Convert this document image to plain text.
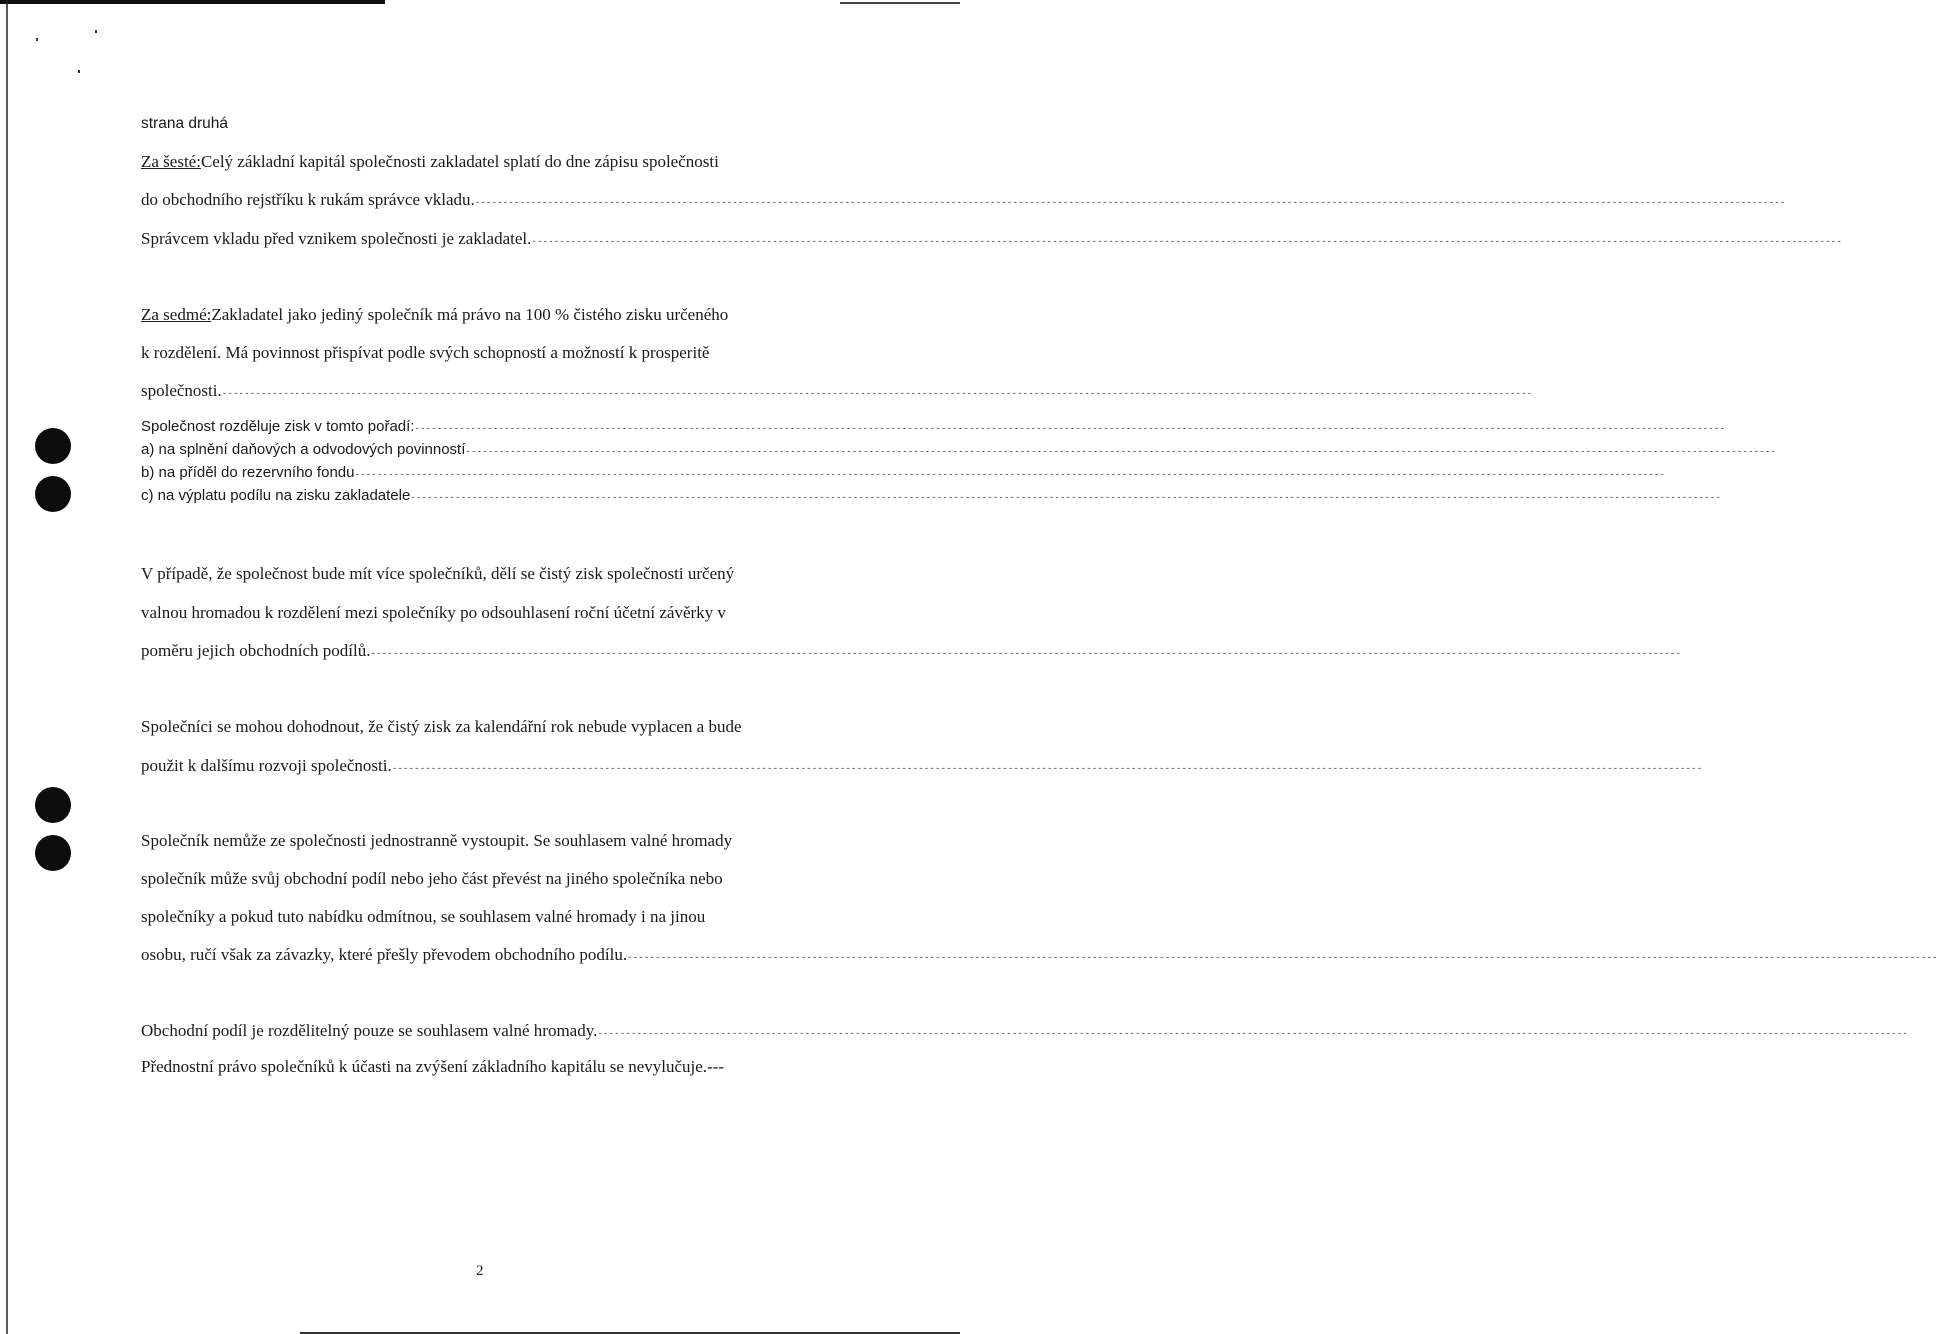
strana druhá
Za šesté: Celý základní kapitál společnosti zakladatel splatí do dne zápisu společnosti
do obchodního rejstříku k rukám správce vkladu. ------------------------------------------------------------------------------------------------------------------------------------------------------------------------------------------------------------------------------------------
Správcem vkladu před vznikem společnosti je zakladatel. ------------------------------------------------------------------------------------------------------------------------------------------------------------------------------------------------------------------------------------------
Za sedmé: Zakladatel jako jediný společník má právo na 100 % čistého zisku určeného
k rozdělení. Má povinnost přispívat podle svých schopností a možností k prosperitě
společnosti. ------------------------------------------------------------------------------------------------------------------------------------------------------------------------------------------------------------------------------------------
Společnost rozděluje zisk v tomto pořadí: ------------------------------------------------------------------------------------------------------------------------------------------------------------------------------------------------------------------------------------------
a) na splnění daňových a odvodových povinností ------------------------------------------------------------------------------------------------------------------------------------------------------------------------------------------------------------------------------------------
b) na příděl do rezervního fondu ------------------------------------------------------------------------------------------------------------------------------------------------------------------------------------------------------------------------------------------
c) na výplatu podílu na zisku zakladatele ------------------------------------------------------------------------------------------------------------------------------------------------------------------------------------------------------------------------------------------
V případě, že společnost bude mít více společníků, dělí se čistý zisk společnosti určený
valnou hromadou k rozdělení mezi společníky po odsouhlasení roční účetní závěrky v
poměru jejich obchodních podílů. ------------------------------------------------------------------------------------------------------------------------------------------------------------------------------------------------------------------------------------------
Společníci se mohou dohodnout, že čistý zisk za kalendářní rok nebude vyplacen a bude
použit k dalšímu rozvoji společnosti. ------------------------------------------------------------------------------------------------------------------------------------------------------------------------------------------------------------------------------------------
Společník nemůže ze společnosti jednostranně vystoupit. Se souhlasem valné hromady
společník může svůj obchodní podíl nebo jeho část převést na jiného společníka nebo
společníky a pokud tuto nabídku odmítnou, se souhlasem valné hromady i na jinou
osobu, ručí však za závazky, které přešly převodem obchodního podílu. ------------------------------------------------------------------------------------------------------------------------------------------------------------------------------------------------------------------------------------------
Obchodní podíl je rozdělitelný pouze se souhlasem valné hromady. ------------------------------------------------------------------------------------------------------------------------------------------------------------------------------------------------------------------------------------------
Přednostní právo společníků k účasti na zvýšení základního kapitálu se nevylučuje.---
2
